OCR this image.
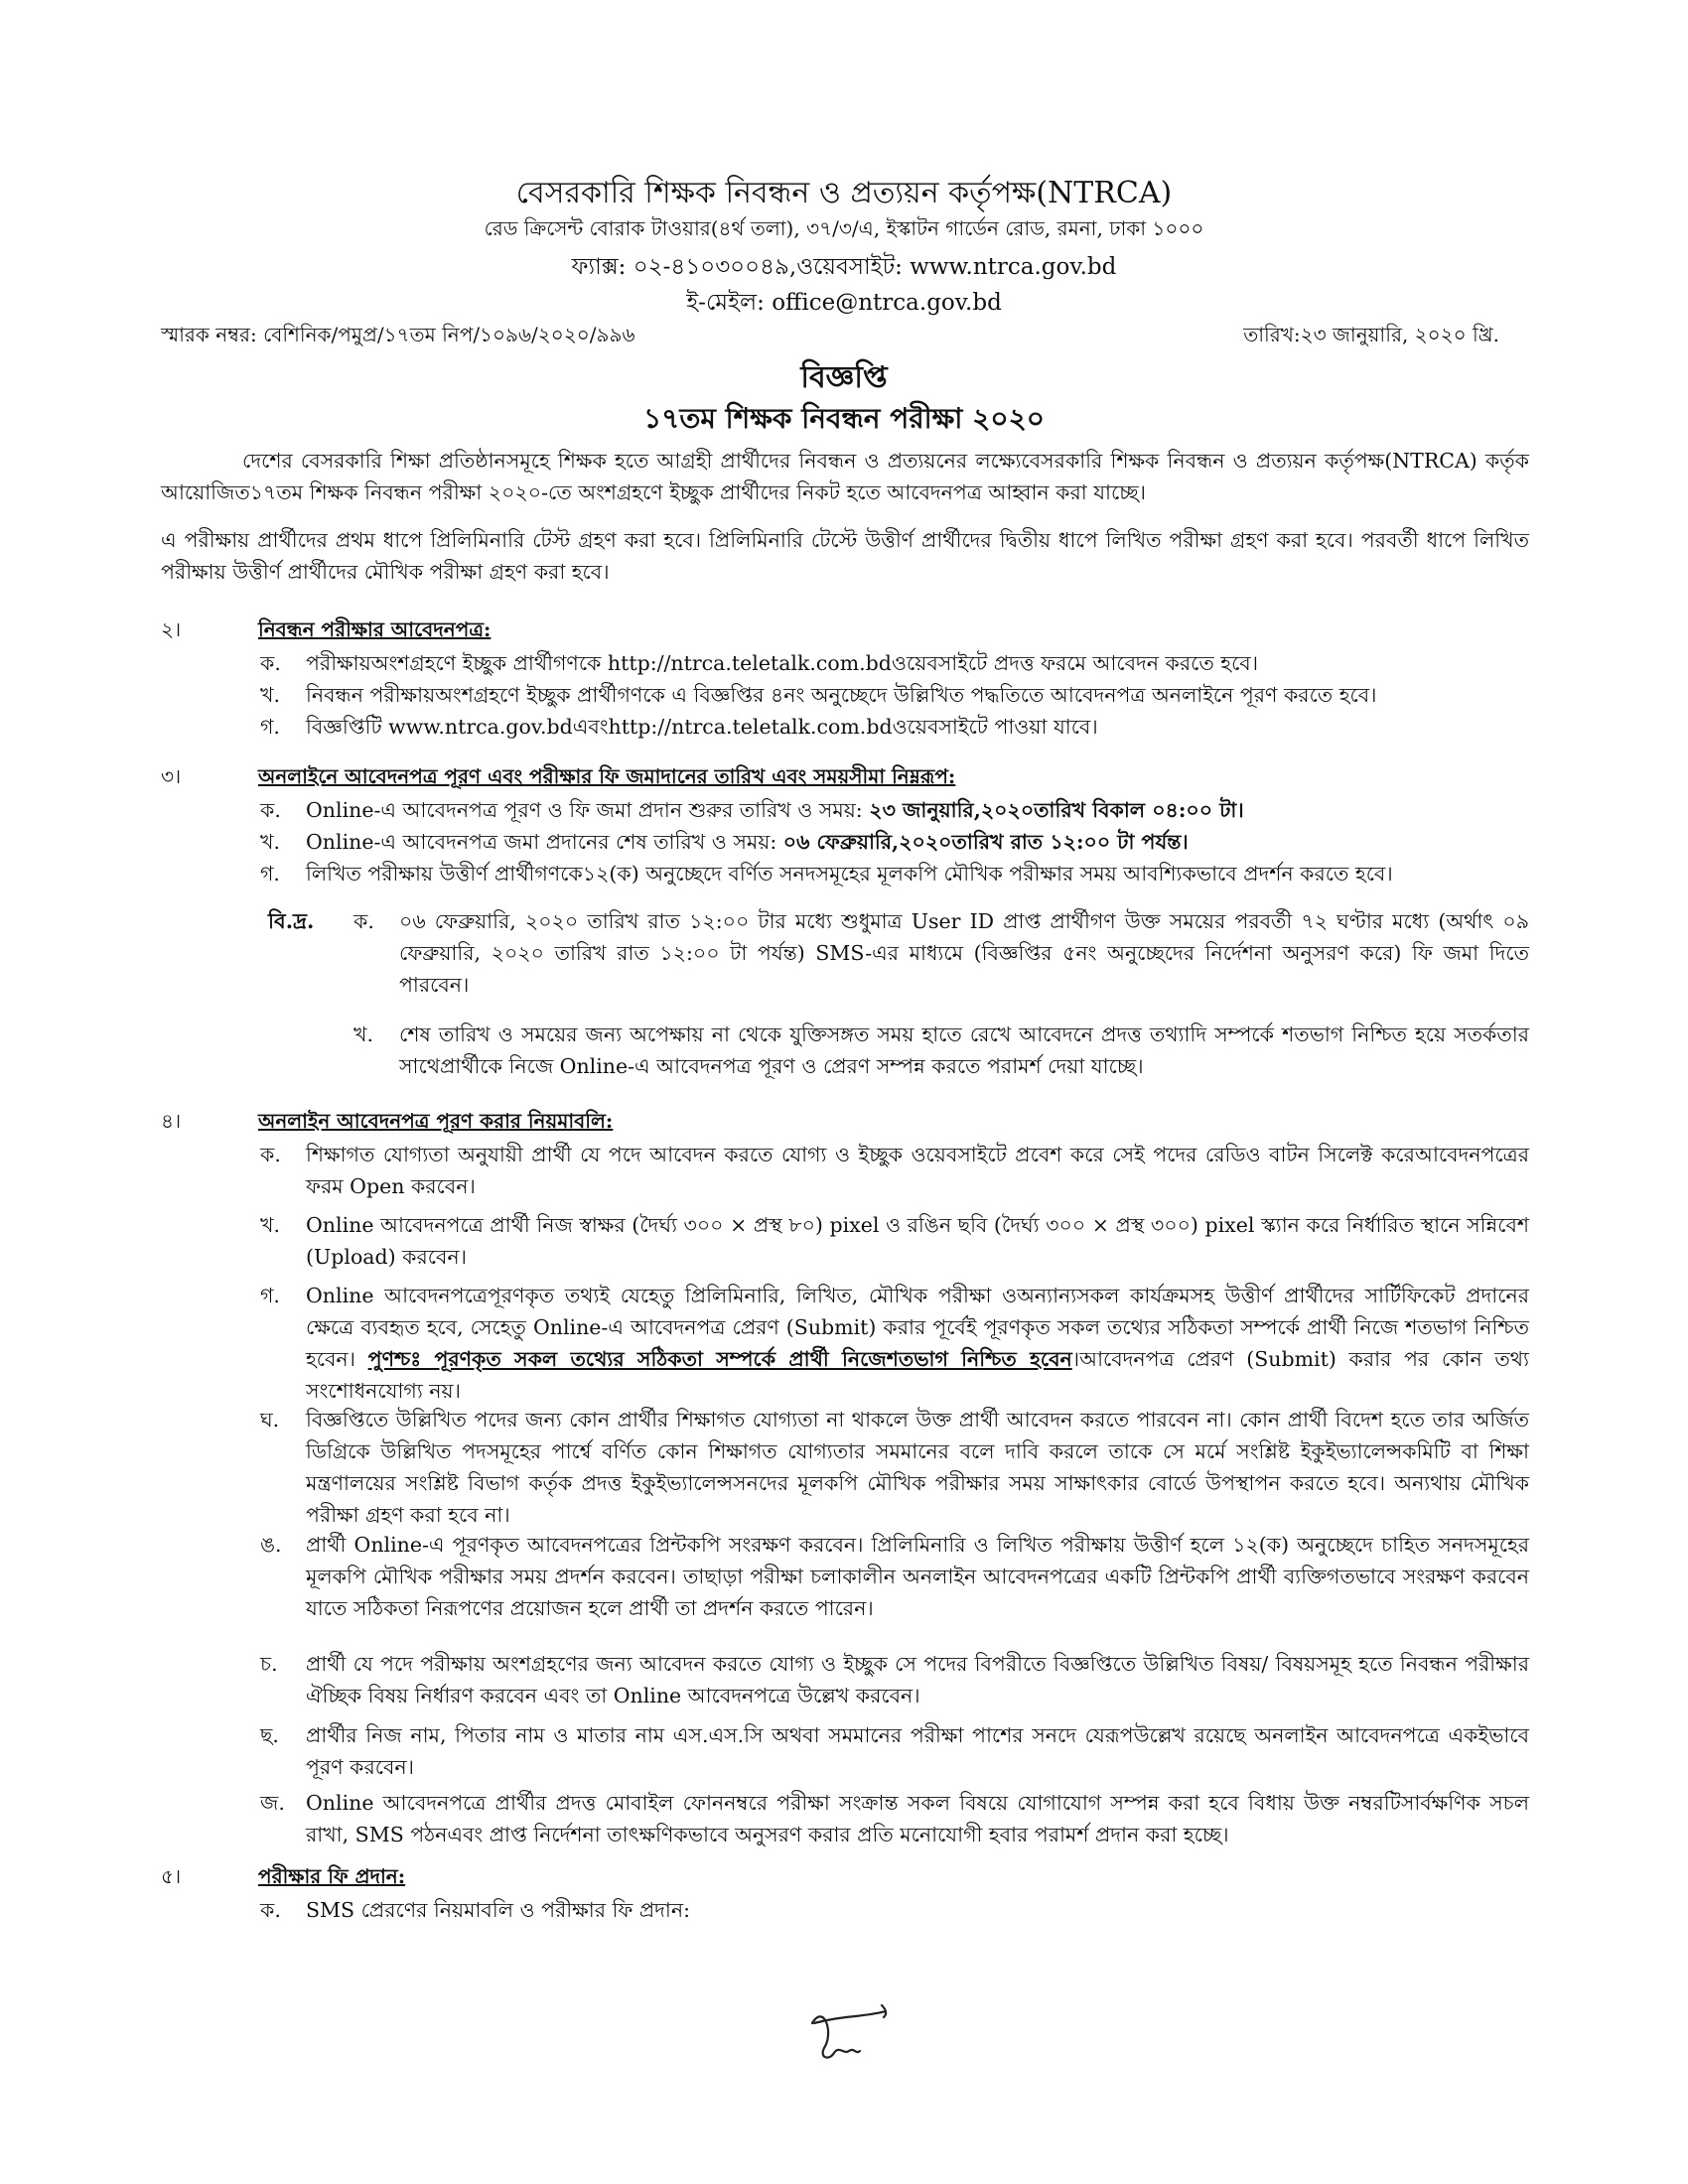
বেসরকারি শিক্ষক নিবন্ধন ও প্রত্যয়ন কর্তৃপক্ষ(NTRCA)
রেড ক্রিসেন্ট বোরাক টাওয়ার(৪র্থ তলা), ৩৭/৩/এ, ইস্কাটন গার্ডেন রোড, রমনা, ঢাকা ১০০০
ফ্যাক্স: ০২-৪১০৩০০৪৯,ওয়েবসাইট: www.ntrca.gov.bd
ই-মেইল: office@ntrca.gov.bd
স্মারক নম্বর: বেশিনিক/পমুপ্র/১৭তম নিপ/১০৯৬/২০২০/৯৯৬	তারিখ:২৩ জানুয়ারি, ২০২০ খ্রি.
বিজ্ঞপ্তি
১৭তম শিক্ষক নিবন্ধন পরীক্ষা ২০২০
দেশের বেসরকারি শিক্ষা প্রতিষ্ঠানসমূহে শিক্ষক হতে আগ্রহী প্রার্থীদের নিবন্ধন ও প্রত্যয়নের লক্ষ্যেবেসরকারি শিক্ষক নিবন্ধন ও প্রত্যয়ন কর্তৃপক্ষ(NTRCA) কর্তৃক আয়োজিত১৭তম শিক্ষক নিবন্ধন পরীক্ষা ২০২০-তে অংশগ্রহণে ইচ্ছুক প্রার্থীদের নিকট হতে আবেদনপত্র আহ্বান করা যাচ্ছে।
এ পরীক্ষায় প্রার্থীদের প্রথম ধাপে প্রিলিমিনারি টেস্ট গ্রহণ করা হবে। প্রিলিমিনারি টেস্টে উত্তীর্ণ প্রার্থীদের দ্বিতীয় ধাপে লিখিত পরীক্ষা গ্রহণ করা হবে। পরবর্তী ধাপে লিখিত পরীক্ষায় উত্তীর্ণ প্রার্থীদের মৌখিক পরীক্ষা গ্রহণ করা হবে।
২।	নিবন্ধন পরীক্ষার আবেদনপত্র:
ক. পরীক্ষায়অংশগ্রহণে ইচ্ছুক প্রার্থীগণকে http://ntrca.teletalk.com.bdওয়েবসাইটে প্রদত্ত ফরমে আবেদন করতে হবে।
খ. নিবন্ধন পরীক্ষায়অংশগ্রহণে ইচ্ছুক প্রার্থীগণকে এ বিজ্ঞপ্তির ৪নং অনুচ্ছেদে উল্লিখিত পদ্ধতিতে আবেদনপত্র অনলাইনে পূরণ করতে হবে।
গ. বিজ্ঞপ্তিটি www.ntrca.gov.bdএবংhttp://ntrca.teletalk.com.bdওয়েবসাইটে পাওয়া যাবে।
৩।	অনলাইনে আবেদনপত্র পূরণ এবং পরীক্ষার ফি জমাদানের তারিখ এবং সময়সীমা নিম্নরূপ:
ক. Online-এ আবেদনপত্র পূরণ ও ফি জমা প্রদান শুরুর তারিখ ও সময়: ২৩ জানুয়ারি,২০২০তারিখ বিকাল ০৪:০০ টা।
খ. Online-এ আবেদনপত্র জমা প্রদানের শেষ তারিখ ও সময়: ০৬ ফেব্রুয়ারি,২০২০তারিখ রাত ১২:০০ টা পর্যন্ত।
গ. লিখিত পরীক্ষায় উত্তীর্ণ প্রার্থীগণকে১২(ক) অনুচ্ছেদে বর্ণিত সনদসমূহের মূলকপি মৌখিক পরীক্ষার সময় আবশ্যিকভাবে প্রদর্শন করতে হবে।
বি.দ্র. ক. ০৬ ফেব্রুয়ারি, ২০২০ তারিখ রাত ১২:০০ টার মধ্যে শুধুমাত্র User ID প্রাপ্ত প্রার্থীগণ উক্ত সময়ের পরবর্তী ৭২ ঘণ্টার মধ্যে (অর্থাৎ ০৯ ফেব্রুয়ারি, ২০২০ তারিখ রাত ১২:০০ টা পর্যন্ত) SMS-এর মাধ্যমে (বিজ্ঞপ্তির ৫নং অনুচ্ছেদের নির্দেশনা অনুসরণ করে) ফি জমা দিতে পারবেন।
খ. শেষ তারিখ ও সময়ের জন্য অপেক্ষায় না থেকে যুক্তিসঙ্গত সময় হাতে রেখে আবেদনে প্রদত্ত তথ্যাদি সম্পর্কে শতভাগ নিশ্চিত হয়ে সতর্কতার সাথেপ্রার্থীকে নিজে Online-এ আবেদনপত্র পূরণ ও প্রেরণ সম্পন্ন করতে পরামর্শ দেয়া যাচ্ছে।
৪।	অনলাইন আবেদনপত্র পূরণ করার নিয়মাবলি:
ক. শিক্ষাগত যোগ্যতা অনুযায়ী প্রার্থী যে পদে আবেদন করতে যোগ্য ও ইচ্ছুক ওয়েবসাইটে প্রবেশ করে সেই পদের রেডিও বাটন সিলেক্ট করেআবেদনপত্রের ফরম Open করবেন।
খ. Online আবেদনপত্রে প্রার্থী নিজ স্বাক্ষর (দৈর্ঘ্য ৩০০ × প্রস্থ ৮০) pixel ও রঙিন ছবি (দৈর্ঘ্য ৩০০ × প্রস্থ ৩০০) pixel স্ক্যান করে নির্ধারিত স্থানে সন্নিবেশ (Upload) করবেন।
গ. Online আবেদনপত্রেপূরণকৃত তথ্যই যেহেতু প্রিলিমিনারি, লিখিত, মৌখিক পরীক্ষা ওঅন্যান্যসকল কার্যক্রমসহ উত্তীর্ণ প্রার্থীদের সার্টিফিকেট প্রদানের ক্ষেত্রে ব্যবহৃত হবে, সেহেতু Online-এ আবেদনপত্র প্রেরণ (Submit) করার পূর্বেই পূরণকৃত সকল তথ্যের সঠিকতা সম্পর্কে প্রার্থী নিজে শতভাগ নিশ্চিত হবেন। পুণশ্চঃ পূরণকৃত সকল তথ্যের সঠিকতা সম্পর্কে প্রার্থী নিজেশতভাগ নিশ্চিত হবেন।আবেদনপত্র প্রেরণ (Submit) করার পর কোন তথ্য সংশোধনযোগ্য নয়।
ঘ. বিজ্ঞপ্তিতে উল্লিখিত পদের জন্য কোন প্রার্থীর শিক্ষাগত যোগ্যতা না থাকলে উক্ত প্রার্থী আবেদন করতে পারবেন না। কোন প্রার্থী বিদেশ হতে তার অর্জিত ডিগ্রিকে উল্লিখিত পদসমূহের পার্শ্বে বর্ণিত কোন শিক্ষাগত যোগ্যতার সমমানের বলে দাবি করলে তাকে সে মর্মে সংশ্লিষ্ট ইকুইভ্যালেন্সকমিটি বা শিক্ষা মন্ত্রণালয়ের সংশ্লিষ্ট বিভাগ কর্তৃক প্রদত্ত ইকুইভ্যালেন্সসনদের মূলকপি মৌখিক পরীক্ষার সময় সাক্ষাৎকার বোর্ডে উপস্থাপন করতে হবে। অন্যথায় মৌখিক পরীক্ষা গ্রহণ করা হবে না।
ঙ. প্রার্থী Online-এ পূরণকৃত আবেদনপত্রের প্রিন্টকপি সংরক্ষণ করবেন। প্রিলিমিনারি ও লিখিত পরীক্ষায় উত্তীর্ণ হলে ১২(ক) অনুচ্ছেদে চাহিত সনদসমূহের মূলকপি মৌখিক পরীক্ষার সময় প্রদর্শন করবেন। তাছাড়া পরীক্ষা চলাকালীন অনলাইন আবেদনপত্রের একটি প্রিন্টকপি প্রার্থী ব্যক্তিগতভাবে সংরক্ষণ করবেন যাতে সঠিকতা নিরূপণের প্রয়োজন হলে প্রার্থী তা প্রদর্শন করতে পারেন।
চ. প্রার্থী যে পদে পরীক্ষায় অংশগ্রহণের জন্য আবেদন করতে যোগ্য ও ইচ্ছুক সে পদের বিপরীতে বিজ্ঞপ্তিতে উল্লিখিত বিষয়/ বিষয়সমূহ হতে নিবন্ধন পরীক্ষার ঐচ্ছিক বিষয় নির্ধারণ করবেন এবং তা Online আবেদনপত্রে উল্লেখ করবেন।
ছ. প্রার্থীর নিজ নাম, পিতার নাম ও মাতার নাম এস.এস.সি অথবা সমমানের পরীক্ষা পাশের সনদে যেরূপউল্লেখ রয়েছে অনলাইন আবেদনপত্রে একইভাবে পূরণ করবেন।
জ. Online আবেদনপত্রে প্রার্থীর প্রদত্ত মোবাইল ফোননম্বরে পরীক্ষা সংক্রান্ত সকল বিষয়ে যোগাযোগ সম্পন্ন করা হবে বিধায় উক্ত নম্বরটিসার্বক্ষণিক সচল রাখা, SMS পঠনএবং প্রাপ্ত নির্দেশনা তাৎক্ষণিকভাবে অনুসরণ করার প্রতি মনোযোগী হবার পরামর্শ প্রদান করা হচ্ছে।
৫।	পরীক্ষার ফি প্রদান:
ক. SMS প্রেরণের নিয়মাবলি ও পরীক্ষার ফি প্রদান:
